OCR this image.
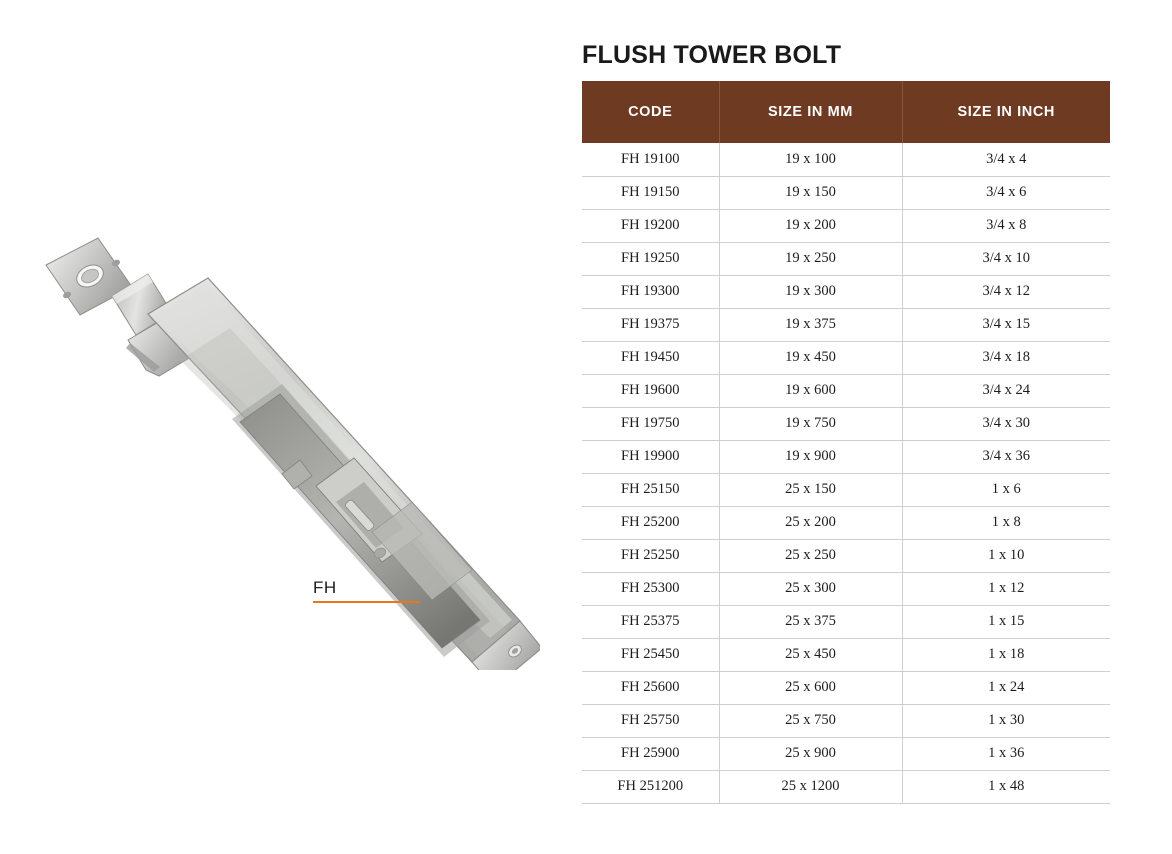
FH
FLUSH TOWER BOLT
CODE	SIZE IN MM	SIZE IN INCH
FH 19100	19 x 100	3/4 x 4
FH 19150	19 x 150	3/4 x 6
FH 19200	19 x 200	3/4 x 8
FH 19250	19 x 250	3/4 x 10
FH 19300	19 x 300	3/4 x 12
FH 19375	19 x 375	3/4 x 15
FH 19450	19 x 450	3/4 x 18
FH 19600	19 x 600	3/4 x 24
FH 19750	19 x 750	3/4 x 30
FH 19900	19 x 900	3/4 x 36
FH 25150	25 x 150	1 x 6
FH 25200	25 x 200	1 x 8
FH 25250	25 x 250	1 x 10
FH 25300	25 x 300	1 x 12
FH 25375	25 x 375	1 x 15
FH 25450	25 x 450	1 x 18
FH 25600	25 x 600	1 x 24
FH 25750	25 x 750	1 x 30
FH 25900	25 x 900	1 x 36
FH 251200	25 x 1200	1 x 48
